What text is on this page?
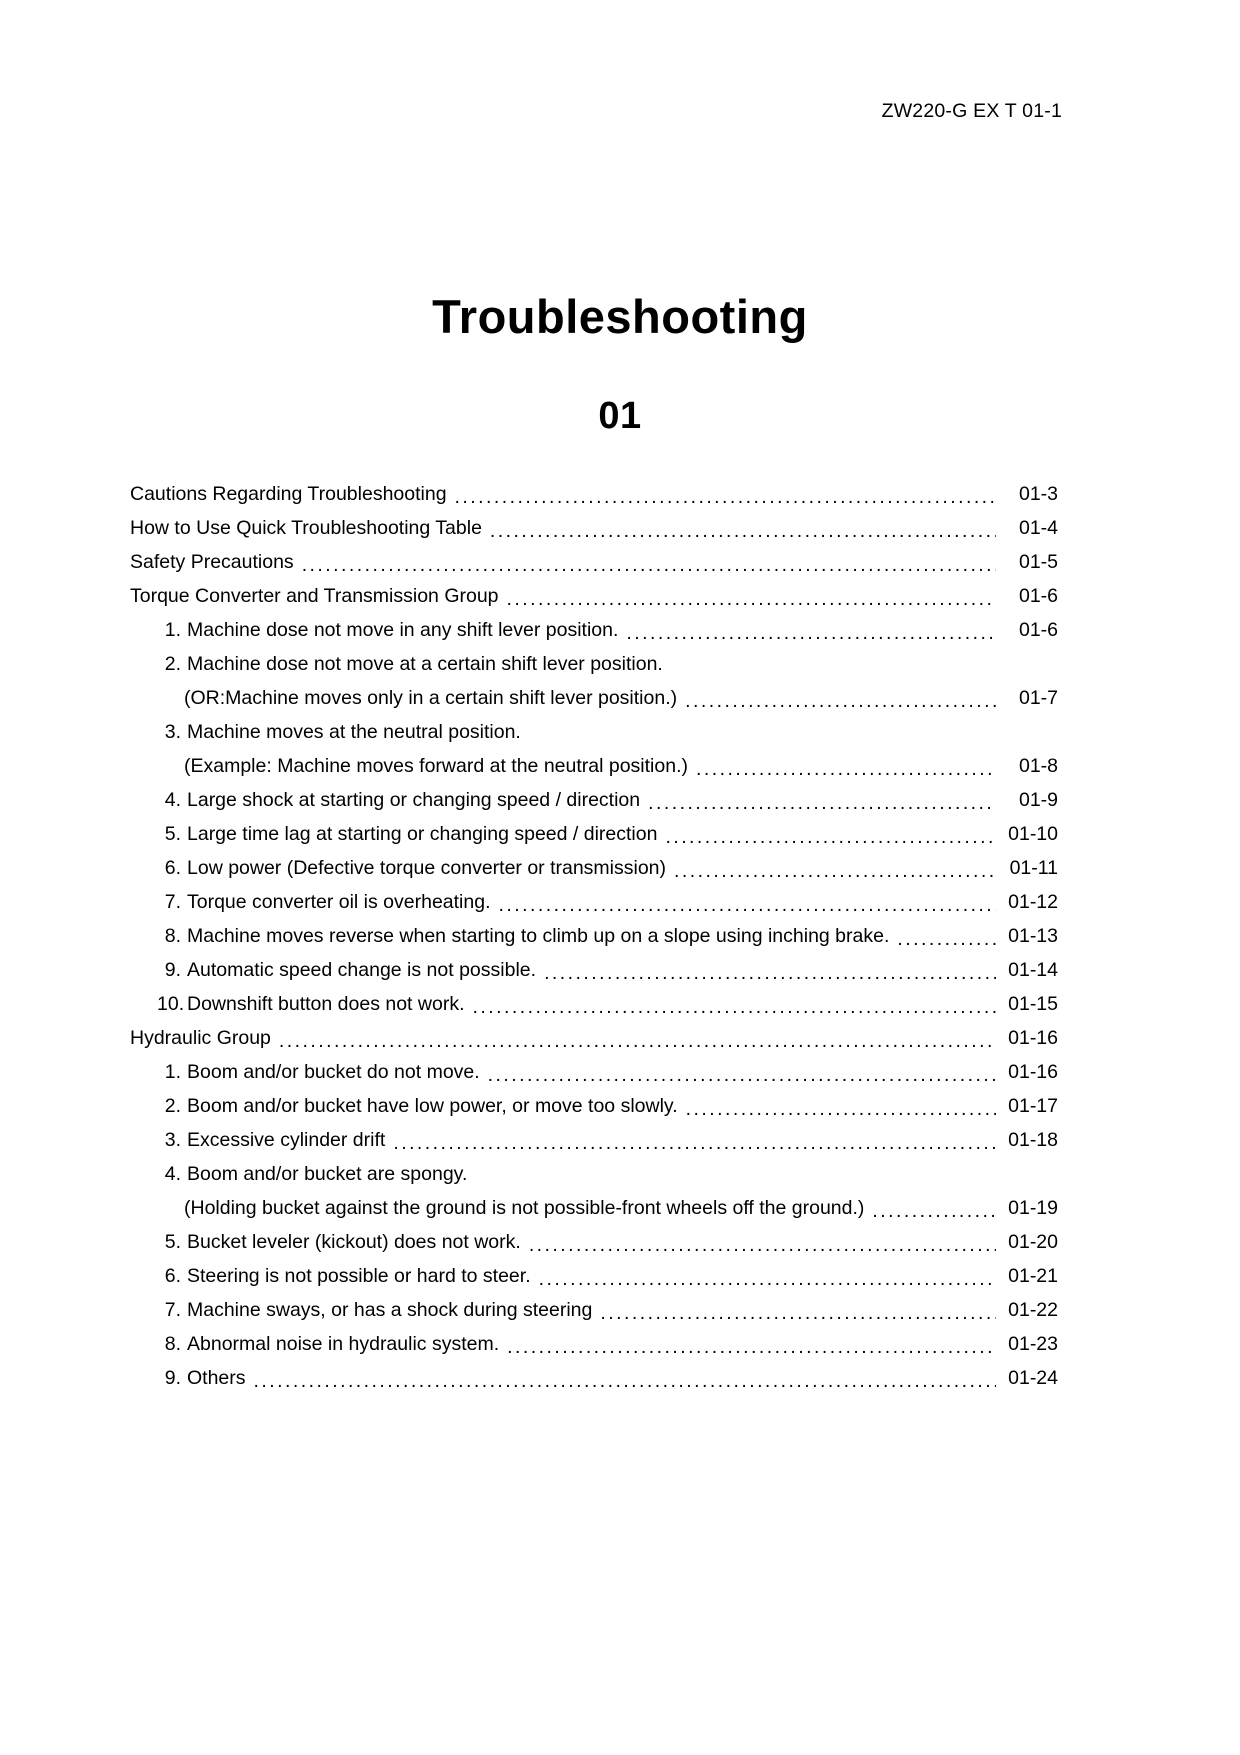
ZW220-G EX T 01-1
Troubleshooting
01
Cautions Regarding Troubleshooting .....	01-3
How to Use Quick Troubleshooting Table .....	01-4
Safety Precautions .....	01-5
Torque Converter and Transmission Group .....	01-6
1. Machine dose not move in any shift lever position. .....	01-6
2. Machine dose not move at a certain shift lever position.
(OR:Machine moves only in a certain shift lever position.) .....	01-7
3. Machine moves at the neutral position.
(Example: Machine moves forward at the neutral position.) .....	01-8
4. Large shock at starting or changing speed / direction .....	01-9
5. Large time lag at starting or changing speed / direction .....	01-10
6. Low power (Defective torque converter or transmission) .....	01-11
7. Torque converter oil is overheating. .....	01-12
8. Machine moves reverse when starting to climb up on a slope using inching brake. .....	01-13
9. Automatic speed change is not possible. .....	01-14
10. Downshift button does not work. .....	01-15
Hydraulic Group .....	01-16
1. Boom and/or bucket do not move. .....	01-16
2. Boom and/or bucket have low power, or move too slowly. .....	01-17
3. Excessive cylinder drift .....	01-18
4. Boom and/or bucket are spongy.
(Holding bucket against the ground is not possible-front wheels off the ground.) .....	01-19
5. Bucket leveler (kickout) does not work. .....	01-20
6. Steering is not possible or hard to steer. .....	01-21
7. Machine sways, or has a shock during steering .....	01-22
8. Abnormal noise in hydraulic system. .....	01-23
9. Others .....	01-24
